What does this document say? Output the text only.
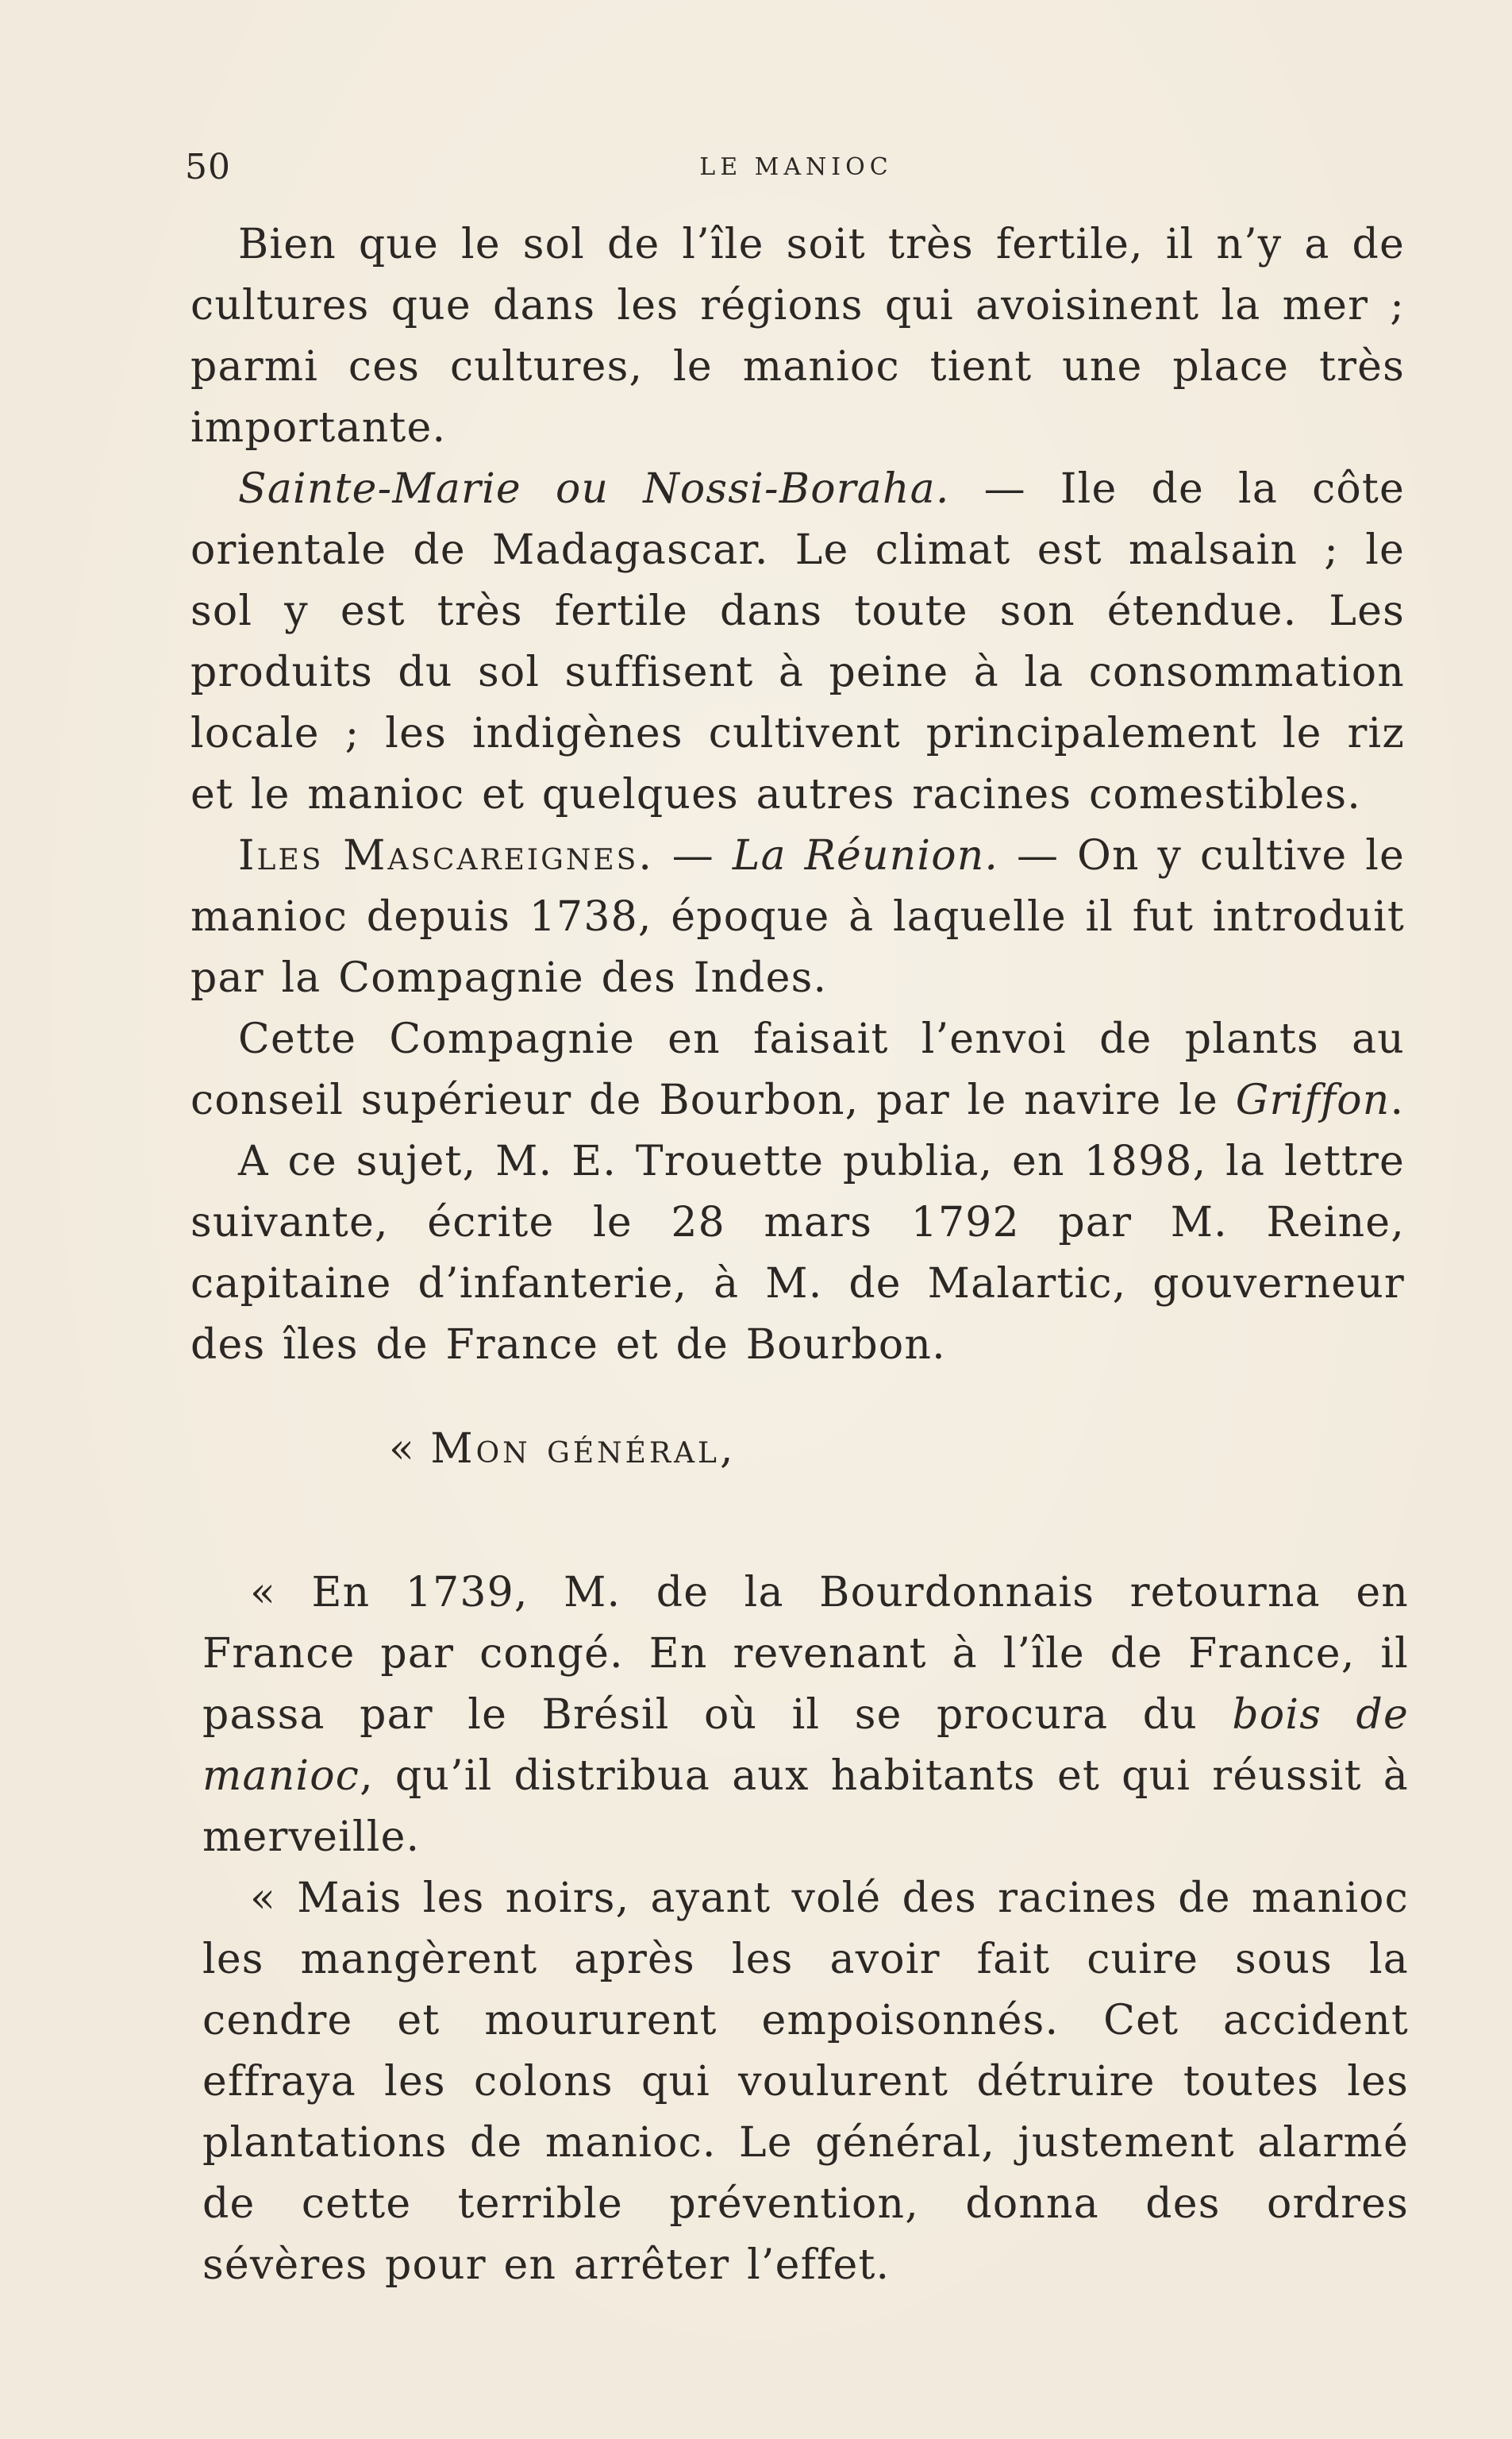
50	LE MANIOC

Bien que le sol de l’île soit très fertile, il n’y a de cultures que dans les régions qui avoisinent la mer ; parmi ces cultures, le manioc tient une place très importante.

Sainte-Marie ou Nossi-Boraha. — Ile de la côte orientale de Madagascar. Le climat est malsain ; le sol y est très fertile dans toute son étendue. Les produits du sol suffisent à peine à la consommation locale ; les indigènes cultivent principalement le riz et le manioc et quelques autres racines comestibles.

Iles Mascareignes. — La Réunion. — On y cultive le manioc depuis 1738, époque à laquelle il fut introduit par la Compagnie des Indes.

Cette Compagnie en faisait l’envoi de plants au conseil supérieur de Bourbon, par le navire le Griffon.

A ce sujet, M. E. Trouette publia, en 1898, la lettre suivante, écrite le 28 mars 1792 par M. Reine, capitaine d’infanterie, à M. de Malartic, gouverneur des îles de France et de Bourbon.

« Mon général,

« En 1739, M. de la Bourdonnais retourna en France par congé. En revenant à l’île de France, il passa par le Brésil où il se procura du bois de manioc, qu’il distribua aux habitants et qui réussit à merveille.

« Mais les noirs, ayant volé des racines de manioc les mangèrent après les avoir fait cuire sous la cendre et moururent empoisonnés. Cet accident effraya les colons qui voulurent détruire toutes les plantations de manioc. Le général, justement alarmé de cette terrible prévention, donna des ordres sévères pour en arrêter l’effet.
